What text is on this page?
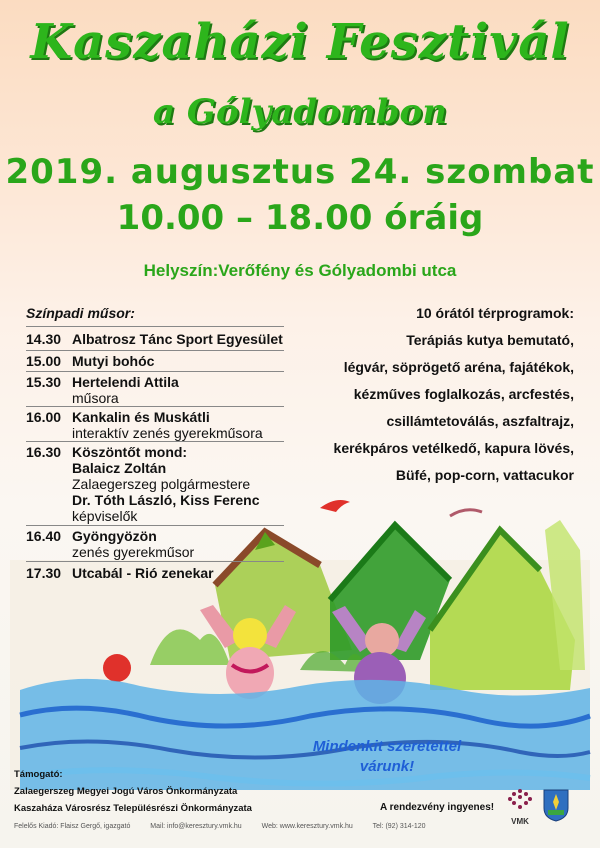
Kaszaházi Fesztivál
a Gólyadombon
2019. augusztus 24. szombat
10.00 – 18.00 óráig
Helyszín:Verőfény és Gólyadombi utca
Színpadi műsor:
14.30 Albatrosz Tánc Sport Egyesület
15.00 Mutyi bohóc
15.30 Hertelendi Attila
műsora
16.00 Kankalin és Muskátli
interaktív zenés gyerekműsora
16.30 Köszöntőt mond:
Balaicz Zoltán
Zalaegerszeg polgármestere
Dr. Tóth László, Kiss Ferenc
képviselők
16.40 Gyöngyözön
zenés gyerekműsor
17.30 Utcabál - Rió zenekar
10 órától térprogramok:
Terápiás kutya bemutató,
légvár, söprögető aréna, fajátékok,
kézműves foglalkozás, arcfestés,
csillámtetoválás, aszfaltrajz,
kerékpáros vetélkedő, kapura lövés,
Büfé, pop-corn, vattacukor
Mindenkit szeretettel
várunk!
Támogató:
Zalaegerszeg Megyei Jogú Város Önkormányzata
Kaszaháza Városrész Településrészi Önkormányzata	A rendezvény ingyenes!
VMK
Felelős Kiadó: Flaisz Gergő, igazgató	Mail: info@keresztury.vmk.hu	Web: www.keresztury.vmk.hu	Tel: (92) 314-120
